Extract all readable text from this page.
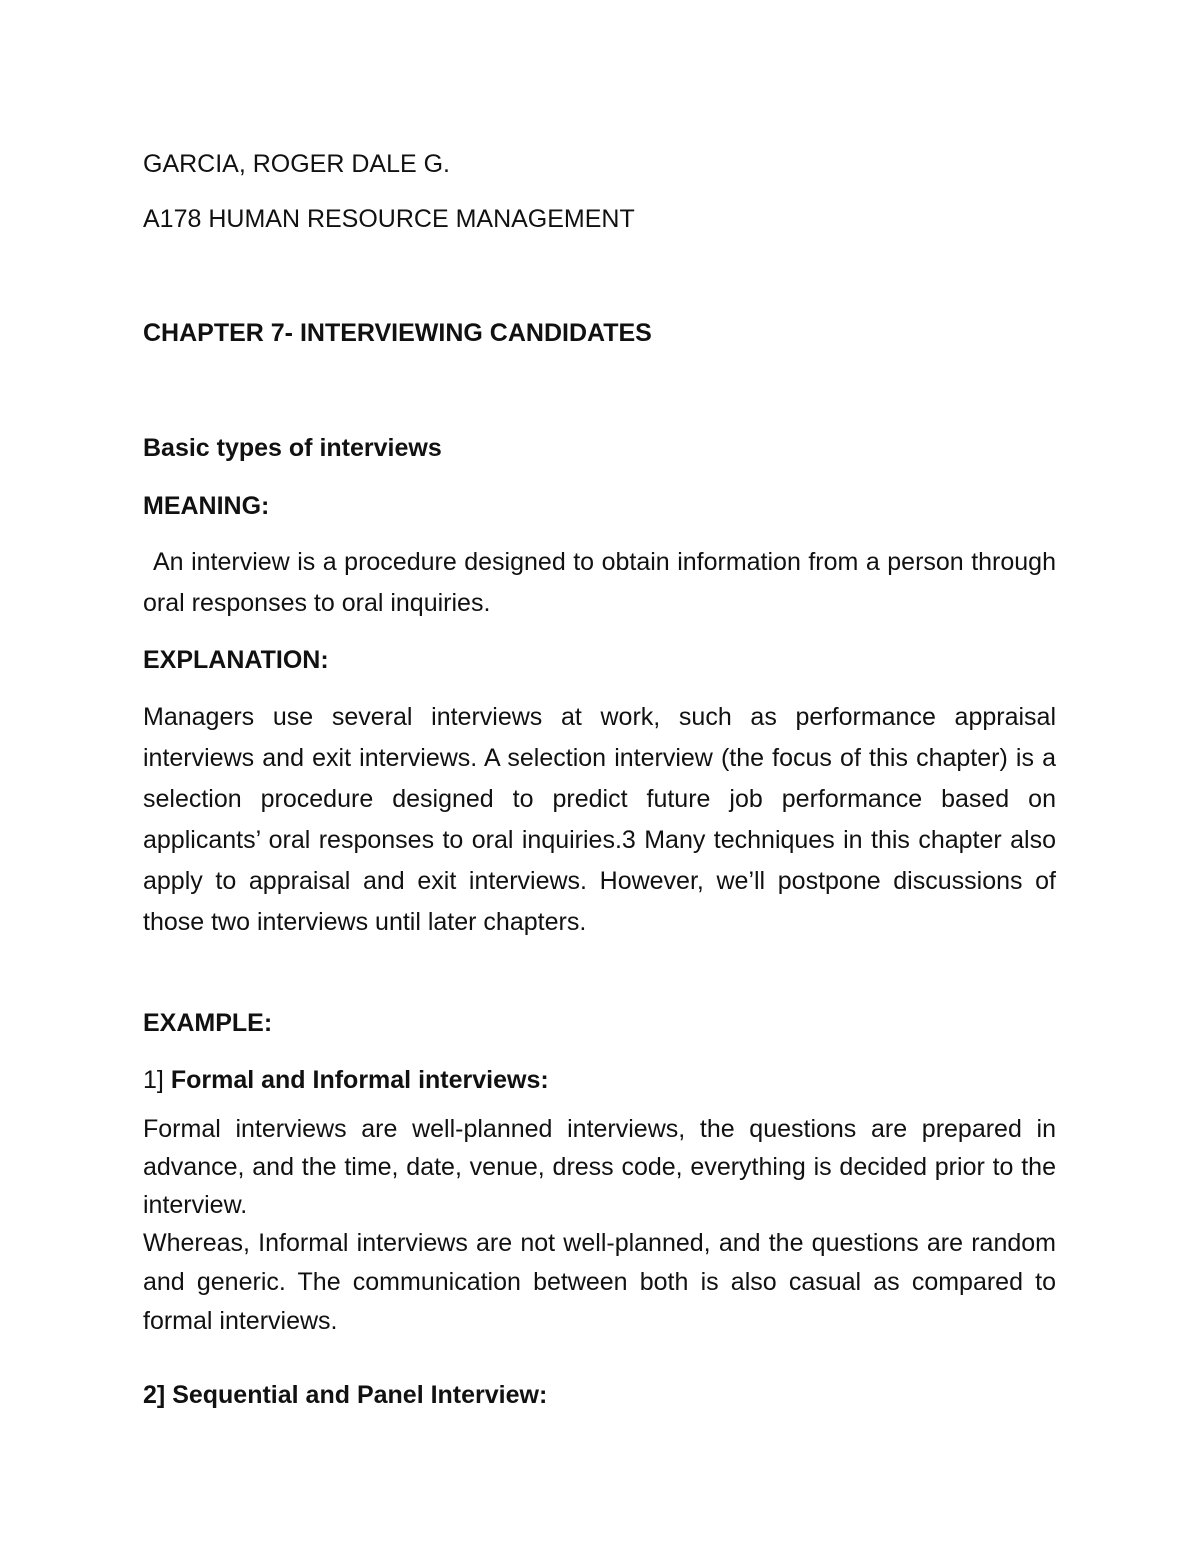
GARCIA, ROGER DALE G.
A178 HUMAN RESOURCE MANAGEMENT
CHAPTER 7- INTERVIEWING CANDIDATES
Basic types of interviews
MEANING:

An interview is a procedure designed to obtain information from a person through oral responses to oral inquiries.

EXPLANATION:

Managers use several interviews at work, such as performance appraisal interviews and exit interviews. A selection interview (the focus of this chapter) is a selection procedure designed to predict future job performance based on applicants’ oral responses to oral inquiries.3 Many techniques in this chapter also apply to appraisal and exit interviews. However, we’ll postpone discussions of those two interviews until later chapters.

EXAMPLE:
1] Formal and Informal interviews:

Formal interviews are well-planned interviews, the questions are prepared in advance, and the time, date, venue, dress code, everything is decided prior to the interview.

Whereas, Informal interviews are not well-planned, and the questions are random and generic. The communication between both is also casual as compared to formal interviews.

2] Sequential and Panel Interview:
